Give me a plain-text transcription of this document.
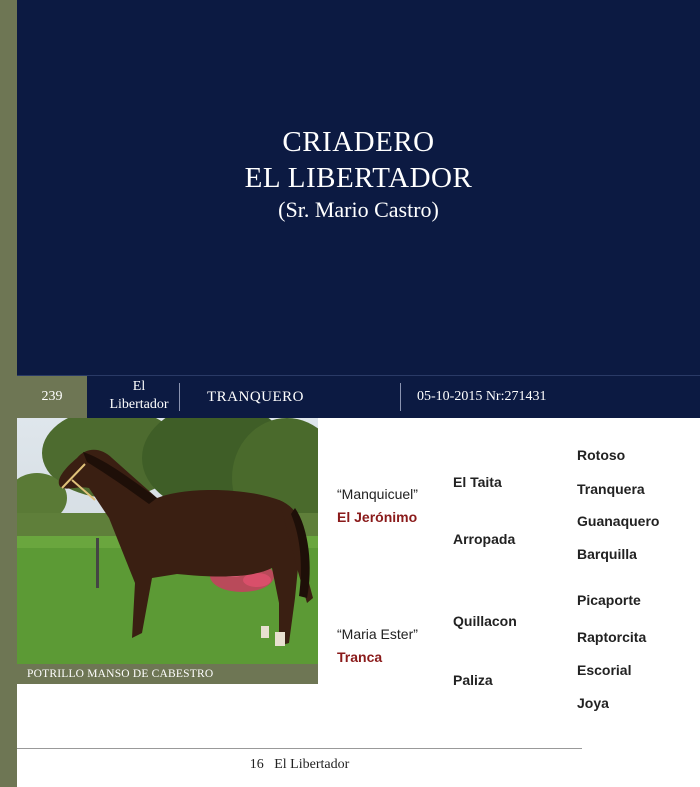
CRIADERO
EL LIBERTADOR
(Sr. Mario Castro)
239
El
Libertador	TRANQUERO	05-10-2015 Nr:271431
POTRILLO MANSO DE CABESTRO
“Manquicuel”
El Jerónimo
“Maria Ester”
Tranca
El Taita
Arropada
Quillacon
Paliza
Rotoso
Tranquera
Guanaquero
Barquilla
Picaporte
Raptorcita
Escorial
Joya
16 El Libertador
